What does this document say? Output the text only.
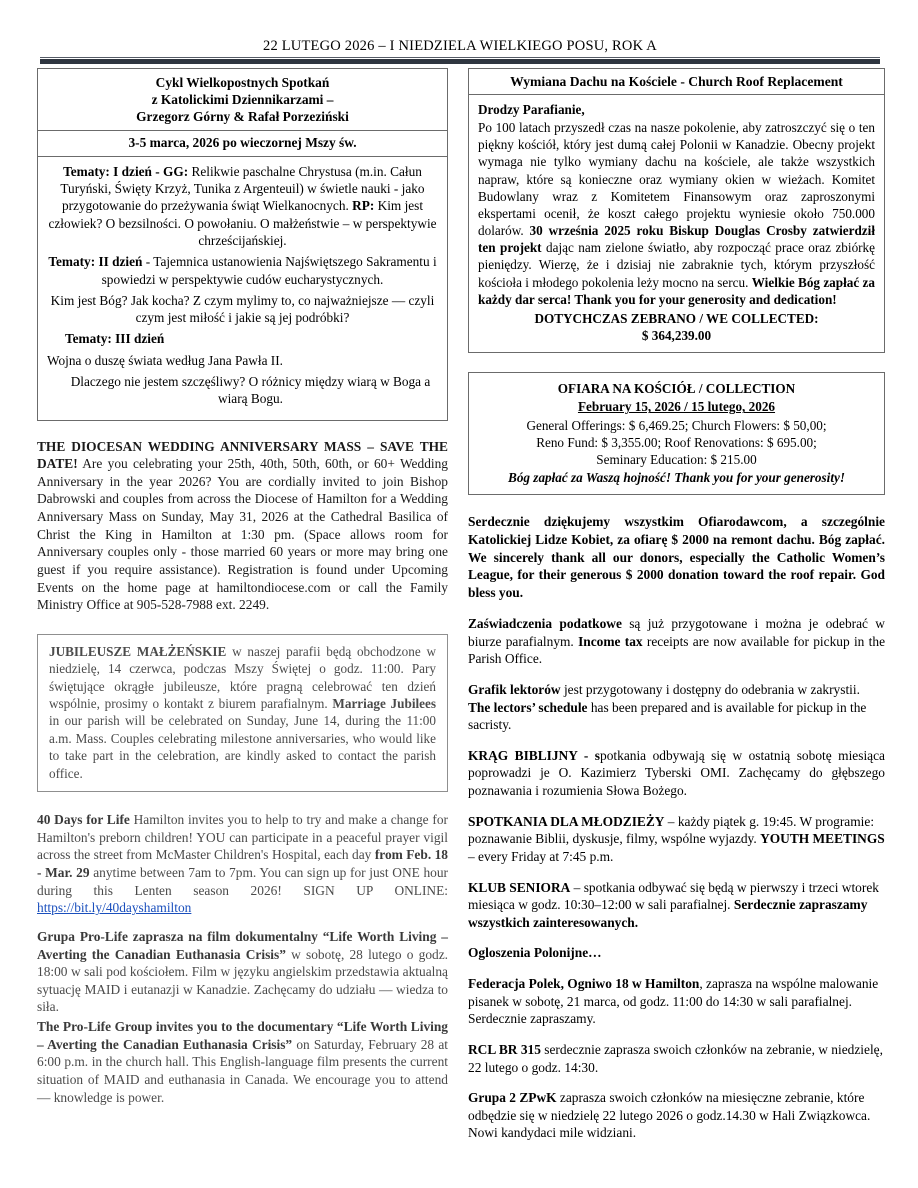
22 LUTEGO 2026 – I NIEDZIELA WIELKIEGO POSU, ROK A
Cykl Wielkopostnych Spotkań
z Katolickimi Dziennikarzami –
Grzegorz Górny & Rafał Porzeziński
3-5 marca, 2026 po wieczornej Mszy św.

Tematy: I dzień - GG: Relikwie paschalne Chrystusa (m.in. Całun Turyński, Święty Krzyż, Tunika z Argenteuil) w świetle nauki - jako przygotowanie do przeżywania świąt Wielkanocnych. RP: Kim jest człowiek? O bezsilności. O powołaniu. O małżeństwie – w perspektywie chrześcijańskiej.

Tematy: II dzień - Tajemnica ustanowienia Najświętszego Sakramentu i spowiedzi w perspektywie cudów eucharystycznych.

Kim jest Bóg? Jak kocha? Z czym mylimy to, co najważniejsze — czyli czym jest miłość i jakie są jej podróbki?

Tematy: III dzień

Wojna o duszę świata według Jana Pawła II.

Dlaczego nie jestem szczęśliwy? O różnicy między wiarą w Boga a wiarą Bogu.

THE DIOCESAN WEDDING ANNIVERSARY MASS – SAVE THE DATE! Are you celebrating your 25th, 40th, 50th, 60th, or 60+ Wedding Anniversary in the year 2026? You are cordially invited to join Bishop Dabrowski and couples from across the Diocese of Hamilton for a Wedding Anniversary Mass on Sunday, May 31, 2026 at the Cathedral Basilica of Christ the King in Hamilton at 1:30 pm. (Space allows room for Anniversary couples only - those married 60 years or more may bring one guest if you require assistance). Registration is found under Upcoming Events on the home page at hamiltondiocese.com or call the Family Ministry Office at 905-528-7988 ext. 2249.
JUBILEUSZE MAŁŻEŃSKIE w naszej parafii będą obchodzone w niedzielę, 14 czerwca, podczas Mszy Świętej o godz. 11:00. Pary świętujące okrągłe jubileusze, które pragną celebrować ten dzień wspólnie, prosimy o kontakt z biurem parafialnym. Marriage Jubilees in our parish will be celebrated on Sunday, June 14, during the 11:00 a.m. Mass. Couples celebrating milestone anniversaries, who would like to take part in the celebration, are kindly asked to contact the parish office.
40 Days for Life Hamilton invites you to help to try and make a change for Hamilton's preborn children! YOU can participate in a peaceful prayer vigil across the street from McMaster Children's Hospital, each day from Feb. 18 - Mar. 29 anytime between 7am to 7pm. You can sign up for just ONE hour during this Lenten season 2026! SIGN UP ONLINE: https://bit.ly/40dayshamilton
Grupa Pro-Life zaprasza na film dokumentalny “Life Worth Living – Averting the Canadian Euthanasia Crisis” w sobotę, 28 lutego o godz. 18:00 w sali pod kościołem. Film w języku angielskim przedstawia aktualną sytuację MAID i eutanazji w Kanadzie. Zachęcamy do udziału — wiedza to siła.
The Pro-Life Group invites you to the documentary “Life Worth Living – Averting the Canadian Euthanasia Crisis” on Saturday, February 28 at 6:00 p.m. in the church hall. This English-language film presents the current situation of MAID and euthanasia in Canada. We encourage you to attend — knowledge is power.
Wymiana Dachu na Kościele - Church Roof Replacement

Drodzy Parafianie,

Po 100 latach przyszedł czas na nasze pokolenie, aby zatroszczyć się o ten piękny kościół, który jest dumą całej Polonii w Kanadzie. Obecny projekt wymaga nie tylko wymiany dachu na kościele, ale także wszystkich napraw, które są konieczne oraz wymiany okien w wieżach. Komitet Budowlany wraz z Komitetem Finansowym oraz zaproszonymi ekspertami ocenił, że koszt całego projektu wyniesie około 750.000 dolarów. 30 września 2025 roku Biskup Douglas Crosby zatwierdził ten projekt dając nam zielone światło, aby rozpocząć prace oraz zbiórkę pieniędzy. Wierzę, że i dzisiaj nie zabraknie tych, którym przyszłość kościoła i młodego pokolenia leży mocno na sercu. Wielkie Bóg zapłać za każdy dar serca! Thank you for your generosity and dedication!

DOTYCHCZAS ZEBRANO / WE COLLECTED:

$ 364,239.00

OFIARA NA KOŚCIÓŁ / COLLECTION

February 15, 2026 / 15 lutego, 2026

General Offerings: $ 6,469.25; Church Flowers: $ 50,00;

Reno Fund: $ 3,355.00; Roof Renovations: $ 695.00;

Seminary Education: $ 215.00

Bóg zapłać za Waszą hojność! Thank you for your generosity!

Serdecznie dziękujemy wszystkim Ofiarodawcom, a szczególnie Katolickiej Lidze Kobiet, za ofiarę $ 2000 na remont dachu. Bóg zapłać. We sincerely thank all our donors, especially the Catholic Women’s League, for their generous $ 2000 donation toward the roof repair. God bless you.
Zaświadczenia podatkowe są już przygotowane i można je odebrać w biurze parafialnym. Income tax receipts are now available for pickup in the Parish Office.
Grafik lektorów jest przygotowany i dostępny do odebrania w zakrystii. The lectors’ schedule has been prepared and is available for pickup in the sacristy.
KRĄG BIBLIJNY - spotkania odbywają się w ostatnią sobotę miesiąca poprowadzi je O. Kazimierz Tyberski OMI. Zachęcamy do głębszego poznawania i rozumienia Słowa Bożego.
SPOTKANIA DLA MŁODZIEŻY – każdy piątek g. 19:45. W programie: poznawanie Biblii, dyskusje, filmy, wspólne wyjazdy. YOUTH MEETINGS – every Friday at 7:45 p.m.
KLUB SENIORA – spotkania odbywać się będą w pierwszy i trzeci wtorek miesiąca w godz. 10:30–12:00 w sali parafialnej. Serdecznie zapraszamy wszystkich zainteresowanych.
Ogloszenia Polonijne…
Federacja Polek, Ogniwo 18 w Hamilton, zaprasza na wspólne malowanie pisanek w sobotę, 21 marca, od godz. 11:00 do 14:30 w sali parafialnej. Serdecznie zapraszamy.
RCL BR 315 serdecznie zaprasza swoich członków na zebranie, w niedzielę, 22 lutego o godz. 14:30.
Grupa 2 ZPwK zaprasza swoich członków na miesięczne zebranie, które odbędzie się w niedzielę 22 lutego 2026 o godz.14.30 w Hali Związkowca. Nowi kandydaci mile widziani.
